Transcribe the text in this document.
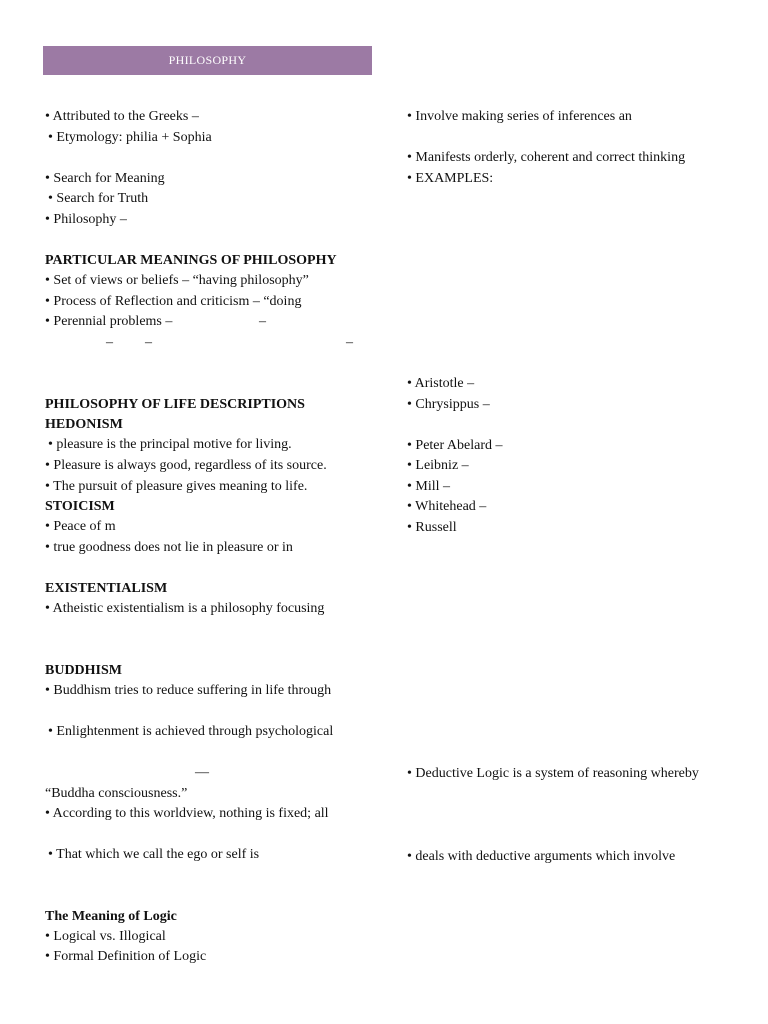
PHILOSOPHY
• Attributed to the Greeks –
• Etymology: philia + Sophia
• Search for Meaning
• Search for Truth
• Philosophy –
PARTICULAR MEANINGS OF PHILOSOPHY
• Set of views or beliefs – “having philosophy”
• Process of Reflection and criticism – “doing
• Perennial problems –	–
– –	–
PHILOSOPHY OF LIFE DESCRIPTIONS
HEDONISM
• pleasure is the principal motive for living.
• Pleasure is always good, regardless of its source.
• The pursuit of pleasure gives meaning to life.
STOICISM
• Peace of m
• true goodness does not lie in pleasure or in
EXISTENTIALISM
• Atheistic existentialism is a philosophy focusing
BUDDHISM
• Buddhism tries to reduce suffering in life through
• Enlightenment is achieved through psychological
—
“Buddha consciousness.”
• According to this worldview, nothing is fixed; all
• That which we call the ego or self is
The Meaning of Logic
• Logical vs. Illogical
• Formal Definition of Logic
• Involve making series of inferences an
• Manifests orderly, coherent and correct thinking
• EXAMPLES:
• Aristotle –
• Chrysippus –
• Peter Abelard –
• Leibniz –
• Mill –
• Whitehead –
• Russell
• Deductive Logic is a system of reasoning whereby
• deals with deductive arguments which involve
